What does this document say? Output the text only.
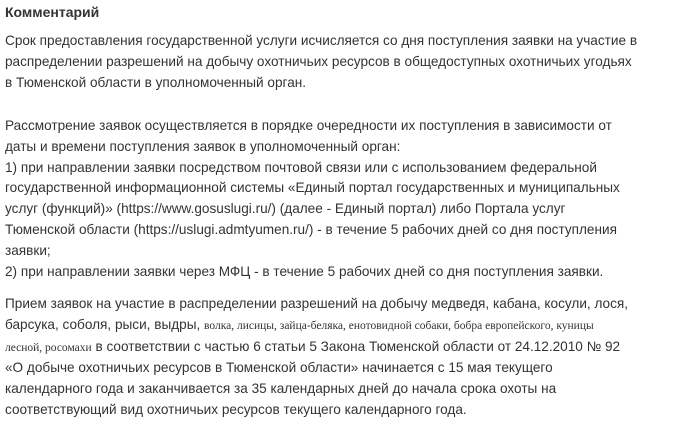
Комментарий
Срок предоставления государственной услуги исчисляется со дня поступления заявки на участие в
распределении разрешений на добычу охотничьих ресурсов в общедоступных охотничьих угодьях
в Тюменской области в уполномоченный орган.
Рассмотрение заявок осуществляется в порядке очередности их поступления в зависимости от
даты и времени поступления заявок в уполномоченный орган:
1) при направлении заявки посредством почтовой связи или с использованием федеральной
государственной информационной системы «Единый портал государственных и муниципальных
услуг (функций)» (https://www.gosuslugi.ru/) (далее - Единый портал) либо Портала услуг
Тюменской области (https://uslugi.admtyumen.ru/) - в течение 5 рабочих дней со дня поступления
заявки;
2) при направлении заявки через МФЦ - в течение 5 рабочих дней со дня поступления заявки.
Прием заявок на участие в распределении разрешений на добычу медведя, кабана, косули, лося,
барсука, соболя, рыси, выдры, волка, лисицы, зайца-беляка, енотовидной собаки, бобра европейского, куницы
лесной, росомахи в соответствии с частью 6 статьи 5 Закона Тюменской области от 24.12.2010 № 92
«О добыче охотничьих ресурсов в Тюменской области» начинается с 15 мая текущего
календарного года и заканчивается за 35 календарных дней до начала срока охоты на
соответствующий вид охотничьих ресурсов текущего календарного года.
